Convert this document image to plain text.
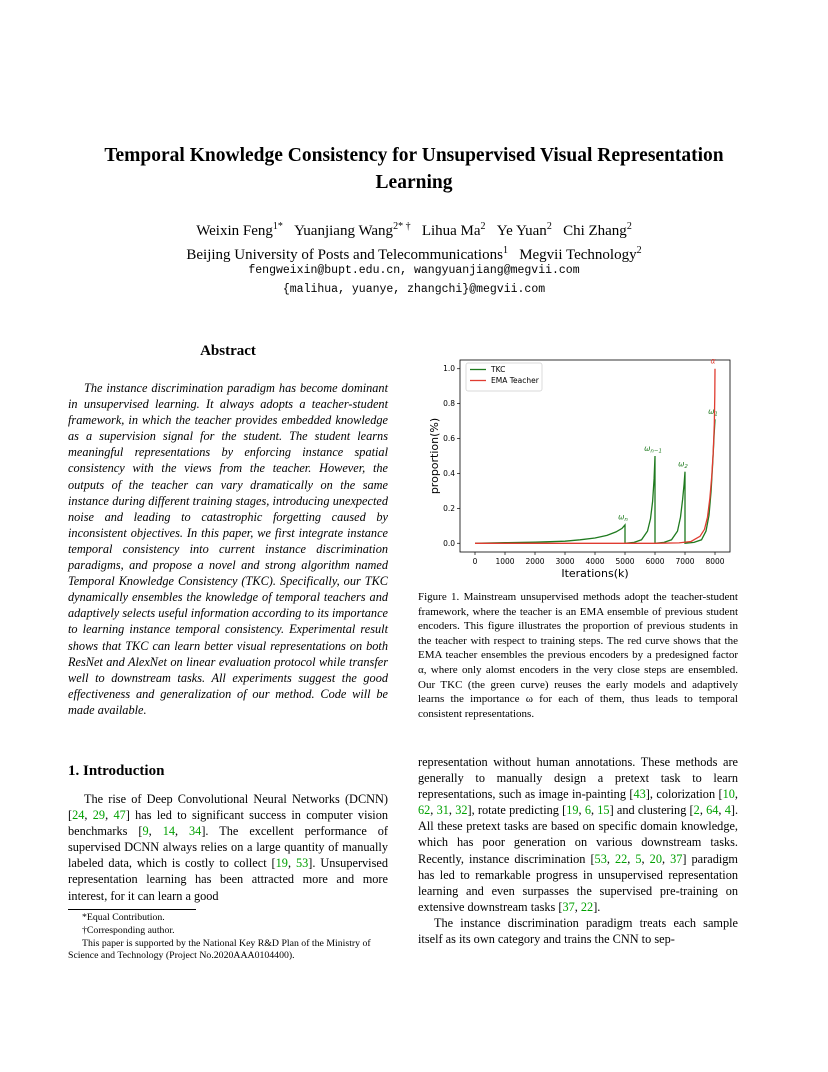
Temporal Knowledge Consistency for Unsupervised Visual Representation Learning
Weixin Feng$^{1*}$ Yuanjiang Wang$^{2* \dagger}$ Lihua Ma$^2$ Ye Yuan$^2$ Chi Zhang$^2$
Beijing University of Posts and Telecommunications$^1$ Megvii Technology$^2$
fengweixin@bupt.edu.cn, wangyuanjiang@megvii.com
{malihua, yuanye, zhangchi}@megvii.com
Abstract

The instance discrimination paradigm has become dominant in unsupervised learning. It always adopts a teacher-student framework, in which the teacher provides embedded knowledge as a supervision signal for the student. The student learns meaningful representations by enforcing instance spatial consistency with the views from the teacher. However, the outputs of the teacher can vary dramatically on the same instance during different training stages, introducing unexpected noise and leading to catastrophic forgetting caused by inconsistent objectives. In this paper, we first integrate instance temporal consistency into current instance discrimination paradigms, and propose a novel and strong algorithm named Temporal Knowledge Consistency (TKC). Specifically, our TKC dynamically ensembles the knowledge of temporal teachers and adaptively selects useful information according to its importance to learning instance temporal consistency. Experimental result shows that TKC can learn better visual representations on both ResNet and AlexNet on linear evaluation protocol while transfer well to downstream tasks. All experiments suggest the good effectiveness and generalization of our method. Code will be made available.

1. Introduction

The rise of Deep Convolutional Neural Networks (DCNN) [24, 29, 47] has led to significant success in computer vision benchmarks [9, 14, 34]. The excellent performance of supervised DCNN always relies on a large quantity of manually labeled data, which is costly to collect [19, 53]. Unsupervised representation learning has been attracted more and more interest, for it can learn a good

*Equal Contribution.
†Corresponding author.
This paper is supported by the National Key R&D Plan of the Ministry of Science and Technology (Project No.2020AAA0104400).
0 1000 2000 3000 4000 5000 6000 7000 8000
0.0
0.2
0.4
0.6
0.8
1.0
Iterations(k)
proportion(%)
α
$\omega_1$
$\omega_2$
$\omega_{n-1}$
$\omega_n$
TKC
EMA Teacher
Figure 1. Mainstream unsupervised methods adopt the teacher-student framework, where the teacher is an EMA ensemble of previous student encoders. This figure illustrates the proportion of previous students in the teacher with respect to training steps. The red curve shows that the EMA teacher ensembles the previous encoders by a predesigned factor α, where only alomst encoders in the very close steps are ensembled. Our TKC (the green curve) reuses the early models and adaptively learns the importance ω for each of them, thus leads to temporal consistent representations.

representation without human annotations. These methods are generally to manually design a pretext task to learn representations, such as image in-painting [43], colorization [10, 62, 31, 32], rotate predicting [19, 6, 15] and clustering [2, 64, 4]. All these pretext tasks are based on specific domain knowledge, which has poor generation on various downstream tasks. Recently, instance discrimination [53, 22, 5, 20, 37] paradigm has led to remarkable progress in unsupervised representation learning and even surpasses the supervised pre-training on extensive downstream tasks [37, 22].

The instance discrimination paradigm treats each sample itself as its own category and trains the CNN to sep-
